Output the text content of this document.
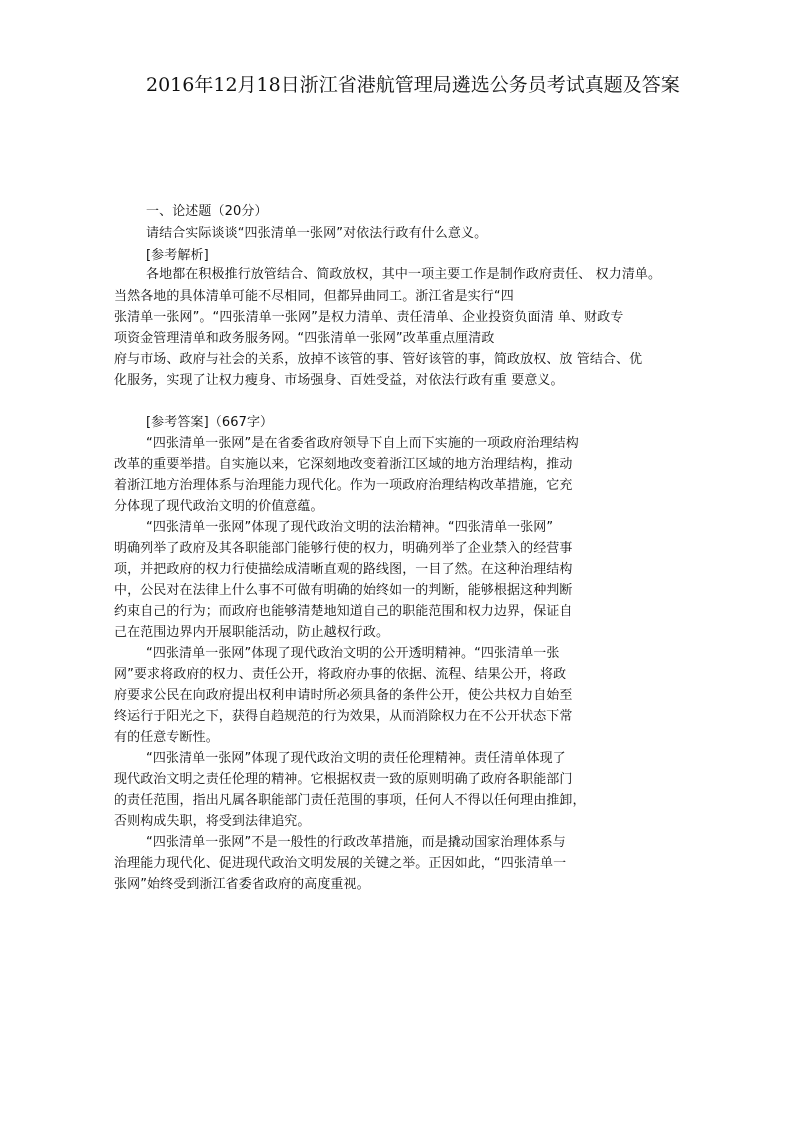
2016年12月18日浙江省港航管理局遴选公务员考试真题及答案
一、论述题（20分）
请结合实际谈谈“四张清单一张网”对依法行政有什么意义。
[参考解析]
各地都在积极推行放管结合、简政放权，其中一项主要工作是制作政府责任、 权力清单。
当然各地的具体清单可能不尽相同，但都异曲同工。浙江省是实行“四
张清单一张网”。“四张清单一张网”是权力清单、责任清单、企业投资负面清 单、财政专
项资金管理清单和政务服务网。“四张清单一张网”改革重点厘清政
府与市场、政府与社会的关系，放掉不该管的事、管好该管的事，简政放权、放 管结合、优
化服务，实现了让权力瘦身、市场强身、百姓受益，对依法行政有重 要意义。
[参考答案]（667字）
“四张清单一张网”是在省委省政府领导下自上而下实施的一项政府治理结构
改革的重要举措。自实施以来，它深刻地改变着浙江区域的地方治理结构，推动
着浙江地方治理体系与治理能力现代化。作为一项政府治理结构改革措施，它充
分体现了现代政治文明的价值意蕴。
“四张清单一张网”体现了现代政治文明的法治精神。“四张清单一张网”
明确列举了政府及其各职能部门能够行使的权力，明确列举了企业禁入的经营事
项，并把政府的权力行使描绘成清晰直观的路线图，一目了然。在这种治理结构
中，公民对在法律上什么事不可做有明确的始终如一的判断，能够根据这种判断
约束自己的行为；而政府也能够清楚地知道自己的职能范围和权力边界，保证自
己在范围边界内开展职能活动，防止越权行政。
“四张清单一张网”体现了现代政治文明的公开透明精神。“四张清单一张
网”要求将政府的权力、责任公开，将政府办事的依据、流程、结果公开，将政
府要求公民在向政府提出权利申请时所必须具备的条件公开，使公共权力自始至
终运行于阳光之下，获得自趋规范的行为效果，从而消除权力在不公开状态下常
有的任意专断性。
“四张清单一张网”体现了现代政治文明的责任伦理精神。责任清单体现了
现代政治文明之责任伦理的精神。它根据权责一致的原则明确了政府各职能部门
的责任范围，指出凡属各职能部门责任范围的事项，任何人不得以任何理由推卸，
否则构成失职，将受到法律追究。
“四张清单一张网”不是一般性的行政改革措施，而是撬动国家治理体系与
治理能力现代化、促进现代政治文明发展的关键之举。正因如此，“四张清单一
张网”始终受到浙江省委省政府的高度重视。
